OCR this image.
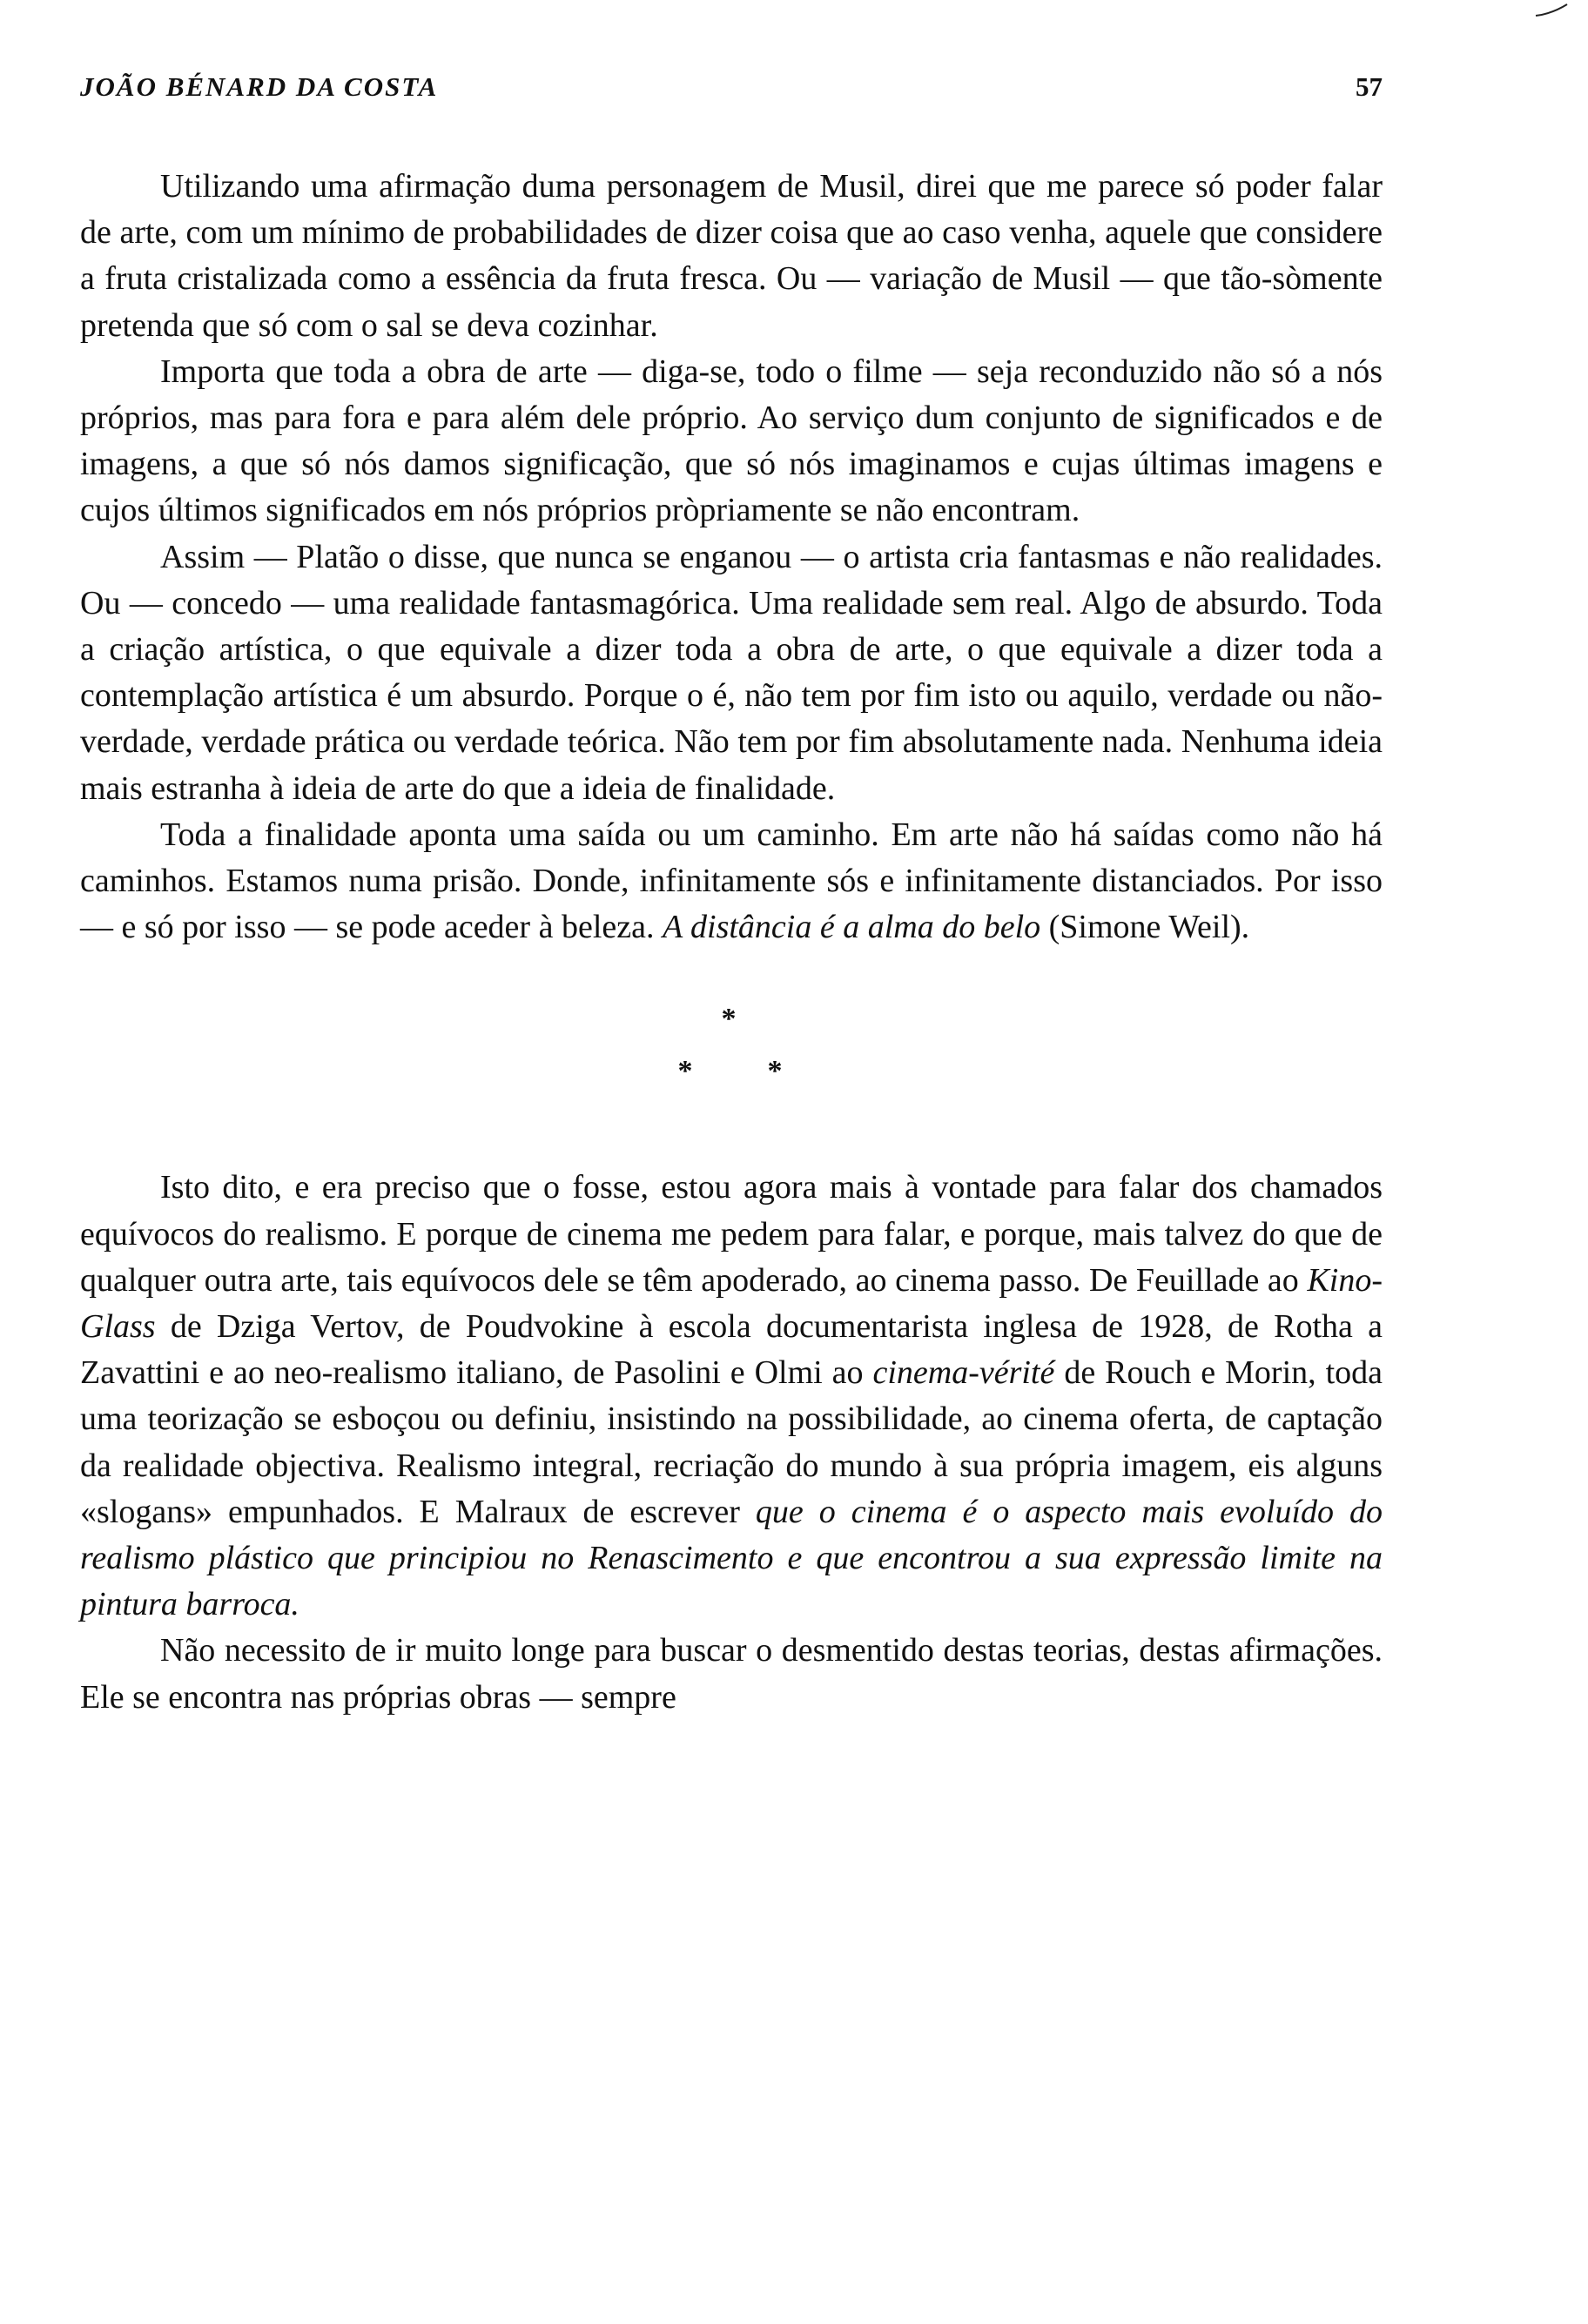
JOÃO BÉNARD DA COSTA	57

Utilizando uma afirmação duma personagem de Musil, direi que me parece só poder falar de arte, com um mínimo de probabilidades de dizer coisa que ao caso venha, aquele que considere a fruta cristalizada como a essência da fruta fresca. Ou — variação de Musil — que tão-sòmente pretenda que só com o sal se deva cozinhar.

Importa que toda a obra de arte — diga-se, todo o filme — seja reconduzido não só a nós próprios, mas para fora e para além dele próprio. Ao serviço dum conjunto de significados e de imagens, a que só nós damos significação, que só nós imaginamos e cujas últimas imagens e cujos últimos significados em nós próprios pròpriamente se não encontram.

Assim — Platão o disse, que nunca se enganou — o artista cria fantasmas e não realidades. Ou — concedo — uma realidade fantasmagórica. Uma realidade sem real. Algo de absurdo. Toda a criação artística, o que equivale a dizer toda a obra de arte, o que equivale a dizer toda a contemplação artística é um absurdo. Porque o é, não tem por fim isto ou aquilo, verdade ou não-verdade, verdade prática ou verdade teórica. Não tem por fim absolutamente nada. Nenhuma ideia mais estranha à ideia de arte do que a ideia de finalidade.

Toda a finalidade aponta uma saída ou um caminho. Em arte não há saídas como não há caminhos. Estamos numa prisão. Donde, infinitamente sós e infinitamente distanciados. Por isso — e só por isso — se pode aceder à beleza. A distância é a alma do belo (Simone Weil).

*
*	*

Isto dito, e era preciso que o fosse, estou agora mais à vontade para falar dos chamados equívocos do realismo. E porque de cinema me pedem para falar, e porque, mais talvez do que de qualquer outra arte, tais equívocos dele se têm apoderado, ao cinema passo. De Feuillade ao Kino-Glass de Dziga Vertov, de Poudvokine à escola documentarista inglesa de 1928, de Rotha a Zavattini e ao neo-realismo italiano, de Pasolini e Olmi ao cinema-vérité de Rouch e Morin, toda uma teorização se esboçou ou definiu, insistindo na possibilidade, ao cinema oferta, de captação da realidade objectiva. Realismo integral, recriação do mundo à sua própria imagem, eis alguns «slogans» empunhados. E Malraux de escrever que o cinema é o aspecto mais evoluído do realismo plástico que principiou no Renascimento e que encontrou a sua expressão limite na pintura barroca.

Não necessito de ir muito longe para buscar o desmentido destas teorias, destas afirmações. Ele se encontra nas próprias obras — sempre
